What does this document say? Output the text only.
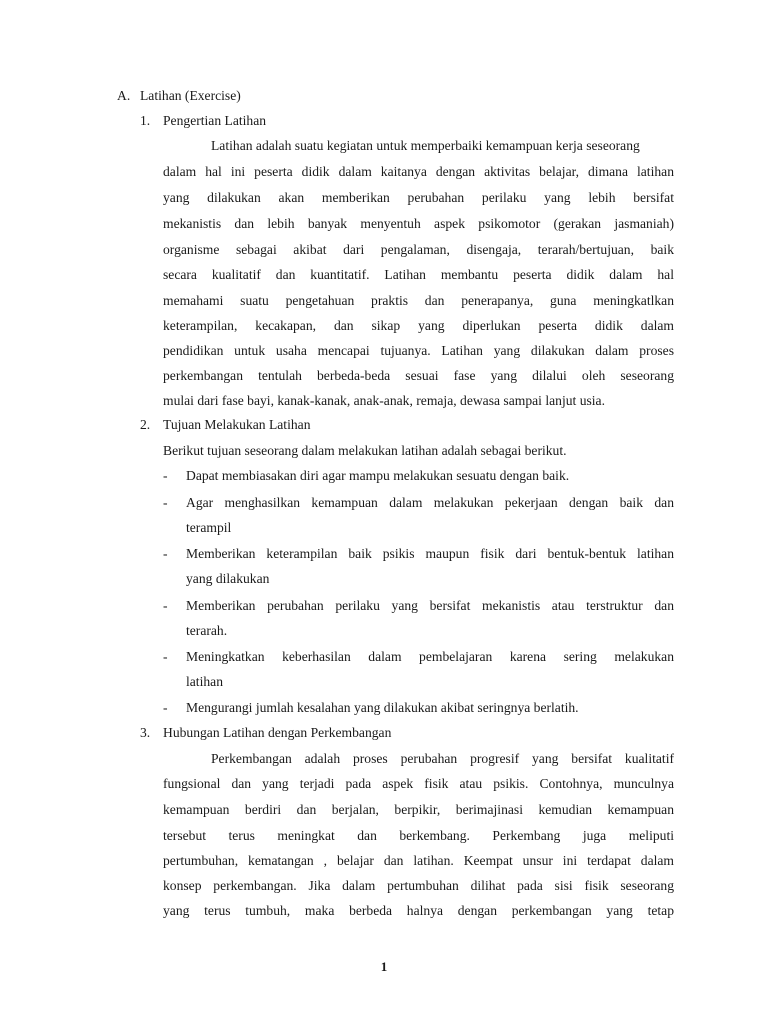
A. Latihan (Exercise)

1. Pengertian Latihan

Latihan adalah suatu kegiatan untuk memperbaiki kemampuan kerja seseorang

dalam hal ini peserta didik dalam kaitanya dengan aktivitas belajar, dimana latihan

yang dilakukan akan memberikan perubahan perilaku yang lebih bersifat

mekanistis dan lebih banyak menyentuh aspek psikomotor (gerakan jasmaniah)

organisme sebagai akibat dari pengalaman, disengaja, terarah/bertujuan, baik

secara kualitatif dan kuantitatif. Latihan membantu peserta didik dalam hal

memahami suatu pengetahuan praktis dan penerapanya, guna meningkatlkan

keterampilan, kecakapan, dan sikap yang diperlukan peserta didik dalam

pendidikan untuk usaha mencapai tujuanya. Latihan yang dilakukan dalam proses

perkembangan tentulah berbeda-beda sesuai fase yang dilalui oleh seseorang

mulai dari fase bayi, kanak-kanak, anak-anak, remaja, dewasa sampai lanjut usia.

2. Tujuan Melakukan Latihan

Berikut tujuan seseorang dalam melakukan latihan adalah sebagai berikut.

- Dapat membiasakan diri agar mampu melakukan sesuatu dengan baik.

- Agar menghasilkan kemampuan dalam melakukan pekerjaan dengan baik dan

terampil

- Memberikan keterampilan baik psikis maupun fisik dari bentuk-bentuk latihan

yang dilakukan

- Memberikan perubahan perilaku yang bersifat mekanistis atau terstruktur dan

terarah.

- Meningkatkan keberhasilan dalam pembelajaran karena sering melakukan

latihan

- Mengurangi jumlah kesalahan yang dilakukan akibat seringnya berlatih.

3. Hubungan Latihan dengan Perkembangan

Perkembangan adalah proses perubahan progresif yang bersifat kualitatif

fungsional dan yang terjadi pada aspek fisik atau psikis. Contohnya, munculnya

kemampuan berdiri dan berjalan, berpikir, berimajinasi kemudian kemampuan

tersebut terus meningkat dan berkembang. Perkembang juga meliputi

pertumbuhan, kematangan , belajar dan latihan. Keempat unsur ini terdapat dalam

konsep perkembangan. Jika dalam pertumbuhan dilihat pada sisi fisik seseorang

yang terus tumbuh, maka berbeda halnya dengan perkembangan yang tetap

1
